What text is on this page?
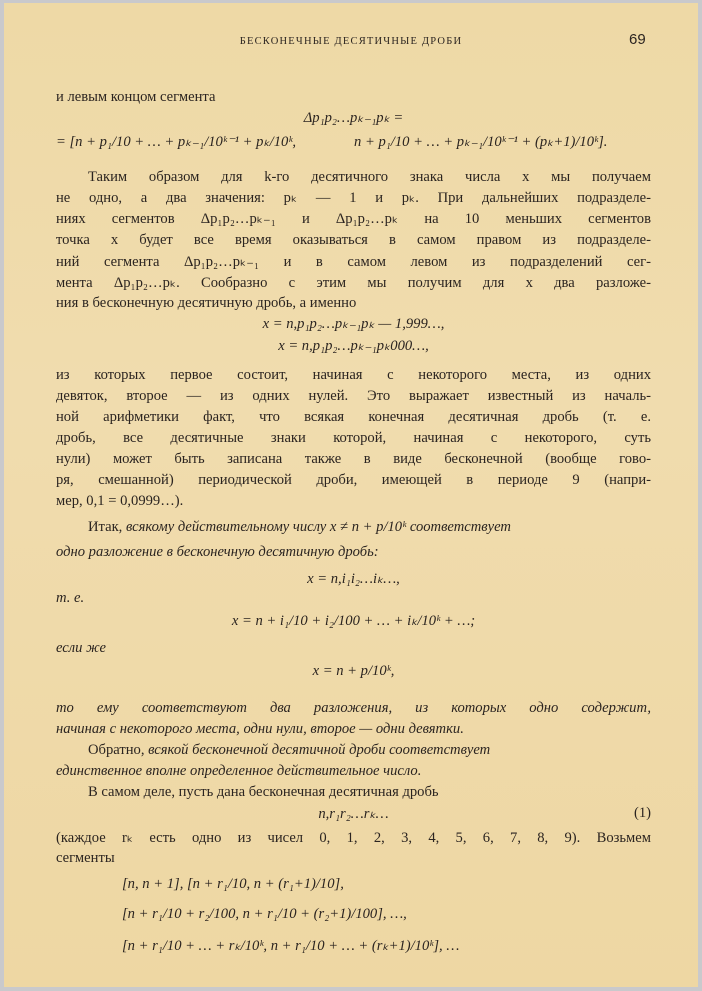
БЕСКОНЕЧНЫЕ ДЕСЯТИЧНЫЕ ДРОБИ	69
и левым концом сегмента
Δp₁p₂…pₖ₋₁pₖ =
= [n + p₁/10 + … + pₖ₋₁/10ᵏ⁻¹ + pₖ/10ᵏ,	n + p₁/10 + … + pₖ₋₁/10ᵏ⁻¹ + (pₖ+1)/10ᵏ].
Таким образом для k-го десятичного знака числа x мы получаем
не одно, а два значения: pₖ — 1 и pₖ. При дальнейших подразделе-
ниях сегментов Δp₁p₂…pₖ₋₁ и Δp₁p₂…pₖ на 10 меньших сегментов
точка x будет все время оказываться в самом правом из подразделе-
ний сегмента Δp₁p₂…pₖ₋₁ и в самом левом из подразделений сег-
мента Δp₁p₂…pₖ. Сообразно с этим мы получим для x два разложе-
ния в бесконечную десятичную дробь, а именно
x = n,p₁p₂…pₖ₋₁pₖ — 1,999…,
x = n,p₁p₂…pₖ₋₁pₖ000…,
из которых первое состоит, начиная с некоторого места, из одних
девяток, второе — из одних нулей. Это выражает известный из началь-
ной арифметики факт, что всякая конечная десятичная дробь (т. е.
дробь, все десятичные знаки которой, начиная с некоторого, суть
нули) может быть записана также в виде бесконечной (вообще гово-
ря, смешанной) периодической дроби, имеющей в периоде 9 (напри-
мер, 0,1 = 0,0999…).
Итак, всякому действительному числу x ≠ n + p/10ᵏ соответствует
одно разложение в бесконечную десятичную дробь:
x = n,i₁i₂…iₖ…,
т. е.
x = n + i₁/10 + i₂/100 + … + iₖ/10ᵏ + …;
если же
x = n + p/10ᵏ,
то ему соответствуют два разложения, из которых одно содержит,
начиная с некоторого места, одни нули, второе — одни девятки.
Обратно, всякой бесконечной десятичной дроби соответствует
единственное вполне определенное действительное число.
В самом деле, пусть дана бесконечная десятичная дробь
n,r₁r₂…rₖ…	(1)
(каждое rₖ есть одно из чисел 0, 1, 2, 3, 4, 5, 6, 7, 8, 9). Возьмем
сегменты
[n, n + 1], [n + r₁/10, n + (r₁+1)/10],
[n + r₁/10 + r₂/100, n + r₁/10 + (r₂+1)/100], …,
[n + r₁/10 + … + rₖ/10ᵏ, n + r₁/10 + … + (rₖ+1)/10ᵏ], …
